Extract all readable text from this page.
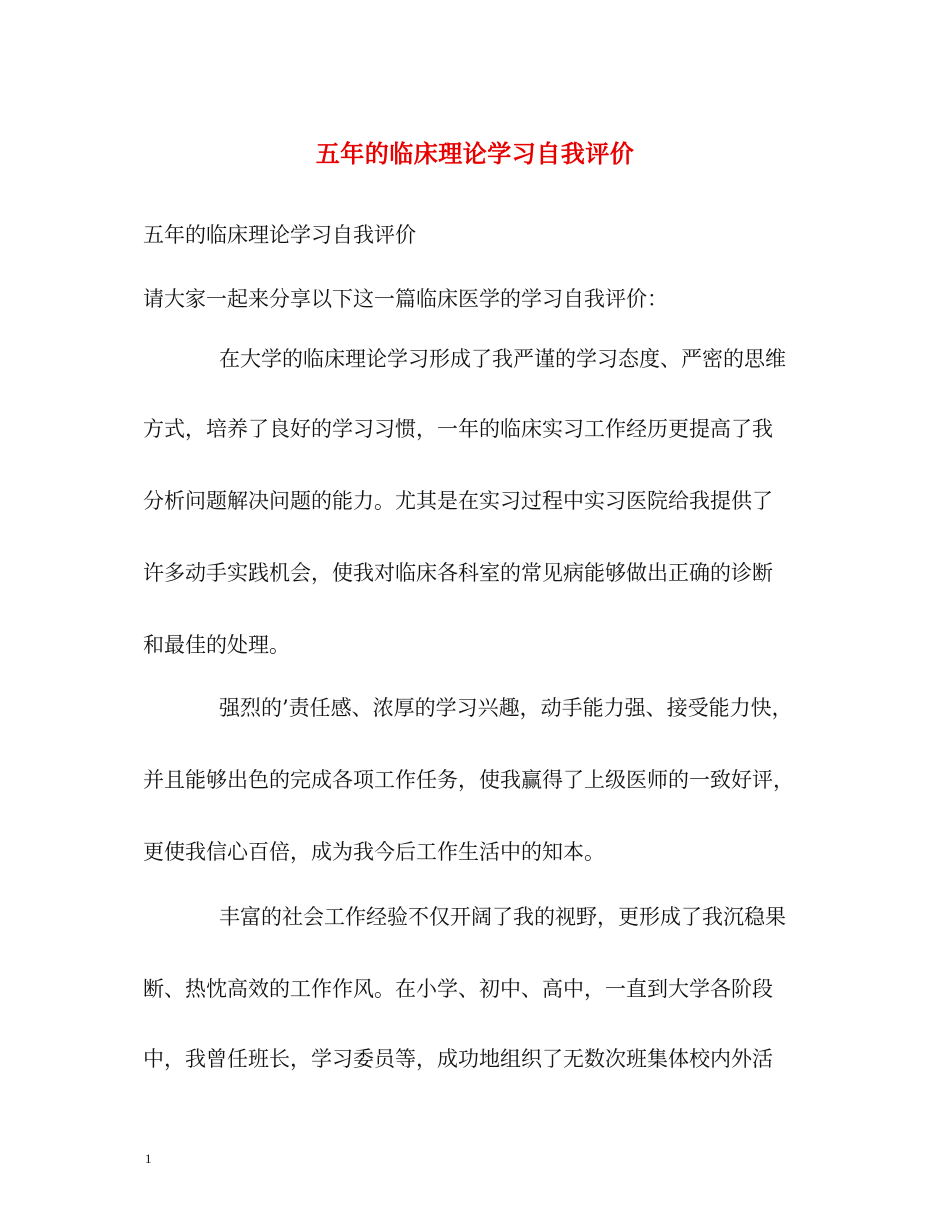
五年的临床理论学习自我评价
五年的临床理论学习自我评价
请大家一起来分享以下这一篇临床医学的学习自我评价：
在大学的临床理论学习形成了我严谨的学习态度、严密的思维
方式，培养了良好的学习习惯，一年的临床实习工作经历更提高了我
分析问题解决问题的能力。尤其是在实习过程中实习医院给我提供了
许多动手实践机会，使我对临床各科室的常见病能够做出正确的诊断
和最佳的处理。
强烈的’责任感、浓厚的学习兴趣，动手能力强、接受能力快，
并且能够出色的完成各项工作任务，使我赢得了上级医师的一致好评，
更使我信心百倍，成为我今后工作生活中的知本。
丰富的社会工作经验不仅开阔了我的视野，更形成了我沉稳果
断、热忱高效的工作作风。在小学、初中、高中，一直到大学各阶段
中，我曾任班长，学习委员等，成功地组织了无数次班集体校内外活
1
